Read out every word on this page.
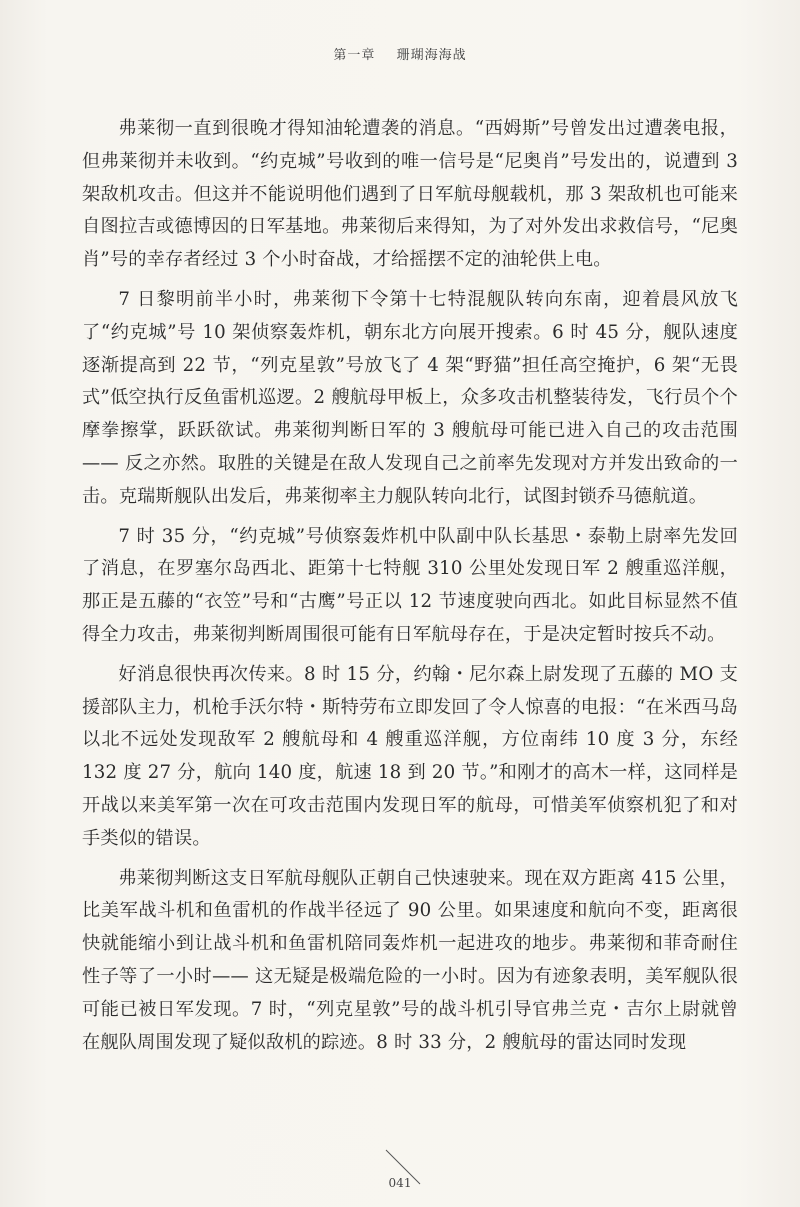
第一章 珊瑚海海战

弗莱彻一直到很晚才得知油轮遭袭的消息。“西姆斯”号曾发出过遭袭电报，但弗莱彻并未收到。“约克城”号收到的唯一信号是“尼奥肖”号发出的，说遭到 3 架敌机攻击。但这并不能说明他们遇到了日军航母舰载机，那 3 架敌机也可能来自图拉吉或德博因的日军基地。弗莱彻后来得知，为了对外发出求救信号，“尼奥肖”号的幸存者经过 3 个小时奋战，才给摇摆不定的油轮供上电。

7 日黎明前半小时，弗莱彻下令第十七特混舰队转向东南，迎着晨风放飞了“约克城”号 10 架侦察轰炸机，朝东北方向展开搜索。6 时 45 分，舰队速度逐渐提高到 22 节，“列克星敦”号放飞了 4 架“野猫”担任高空掩护，6 架“无畏式”低空执行反鱼雷机巡逻。2 艘航母甲板上，众多攻击机整装待发，飞行员个个摩拳擦掌，跃跃欲试。弗莱彻判断日军的 3 艘航母可能已进入自己的攻击范围—— 反之亦然。取胜的关键是在敌人发现自己之前率先发现对方并发出致命的一击。克瑞斯舰队出发后，弗莱彻率主力舰队转向北行，试图封锁乔马德航道。

7 时 35 分，“约克城”号侦察轰炸机中队副中队长基思・泰勒上尉率先发回了消息，在罗塞尔岛西北、距第十七特舰 310 公里处发现日军 2 艘重巡洋舰，那正是五藤的“衣笠”号和“古鹰”号正以 12 节速度驶向西北。如此目标显然不值得全力攻击，弗莱彻判断周围很可能有日军航母存在，于是决定暂时按兵不动。

好消息很快再次传来。8 时 15 分，约翰・尼尔森上尉发现了五藤的 MO 支援部队主力，机枪手沃尔特・斯特劳布立即发回了令人惊喜的电报：“在米西马岛以北不远处发现敌军 2 艘航母和 4 艘重巡洋舰，方位南纬 10 度 3 分，东经 132 度 27 分，航向 140 度，航速 18 到 20 节。”和刚才的高木一样，这同样是开战以来美军第一次在可攻击范围内发现日军的航母，可惜美军侦察机犯了和对手类似的错误。

弗莱彻判断这支日军航母舰队正朝自己快速驶来。现在双方距离 415 公里，比美军战斗机和鱼雷机的作战半径远了 90 公里。如果速度和航向不变，距离很快就能缩小到让战斗机和鱼雷机陪同轰炸机一起进攻的地步。弗莱彻和菲奇耐住性子等了一小时—— 这无疑是极端危险的一小时。因为有迹象表明，美军舰队很可能已被日军发现。7 时，“列克星敦”号的战斗机引导官弗兰克・吉尔上尉就曾在舰队周围发现了疑似敌机的踪迹。8 时 33 分，2 艘航母的雷达同时发现

041
